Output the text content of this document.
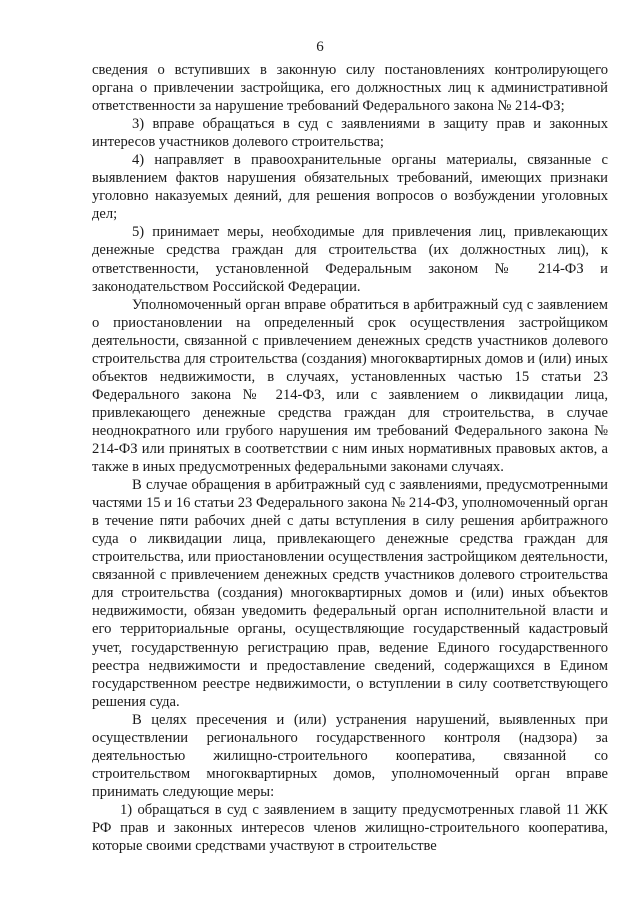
6

сведения о вступивших в законную силу постановлениях контролирующего органа о привлечении застройщика, его должностных лиц к административной ответственности за нарушение требований Федерального закона № 214-ФЗ;

3) вправе обращаться в суд с заявлениями в защиту прав и законных интересов участников долевого строительства;

4) направляет в правоохранительные органы материалы, связанные с выявлением фактов нарушения обязательных требований, имеющих признаки уголовно наказуемых деяний, для решения вопросов о возбуждении уголовных дел;

5) принимает меры, необходимые для привлечения лиц, привлекающих денежные средства граждан для строительства (их должностных лиц), к ответственности, установленной Федеральным законом № 214-ФЗ и законодательством Российской Федерации.

Уполномоченный орган вправе обратиться в арбитражный суд с заявлением о приостановлении на определенный срок осуществления застройщиком деятельности, связанной с привлечением денежных средств участников долевого строительства для строительства (создания) многоквартирных домов и (или) иных объектов недвижимости, в случаях, установленных частью 15 статьи 23 Федерального закона № 214-ФЗ, или с заявлением о ликвидации лица, привлекающего денежные средства граждан для строительства, в случае неоднократного или грубого нарушения им требований Федерального закона № 214-ФЗ или принятых в соответствии с ним иных нормативных правовых актов, а также в иных предусмотренных федеральными законами случаях.

В случае обращения в арбитражный суд с заявлениями, предусмотренными частями 15 и 16 статьи 23 Федерального закона № 214-ФЗ, уполномоченный орган в течение пяти рабочих дней с даты вступления в силу решения арбитражного суда о ликвидации лица, привлекающего денежные средства граждан для строительства, или приостановлении осуществления застройщиком деятельности, связанной с привлечением денежных средств участников долевого строительства для строительства (создания) многоквартирных домов и (или) иных объектов недвижимости, обязан уведомить федеральный орган исполнительной власти и его территориальные органы, осуществляющие государственный кадастровый учет, государственную регистрацию прав, ведение Единого государственного реестра недвижимости и предоставление сведений, содержащихся в Едином государственном реестре недвижимости, о вступлении в силу соответствующего решения суда.

В целях пресечения и (или) устранения нарушений, выявленных при осуществлении регионального государственного контроля (надзора) за деятельностью жилищно-строительного кооператива, связанной со строительством многоквартирных домов, уполномоченный орган вправе принимать следующие меры:

1) обращаться в суд с заявлением в защиту предусмотренных главой 11 ЖК РФ прав и законных интересов членов жилищно-строительного кооператива, которые своими средствами участвуют в строительстве
